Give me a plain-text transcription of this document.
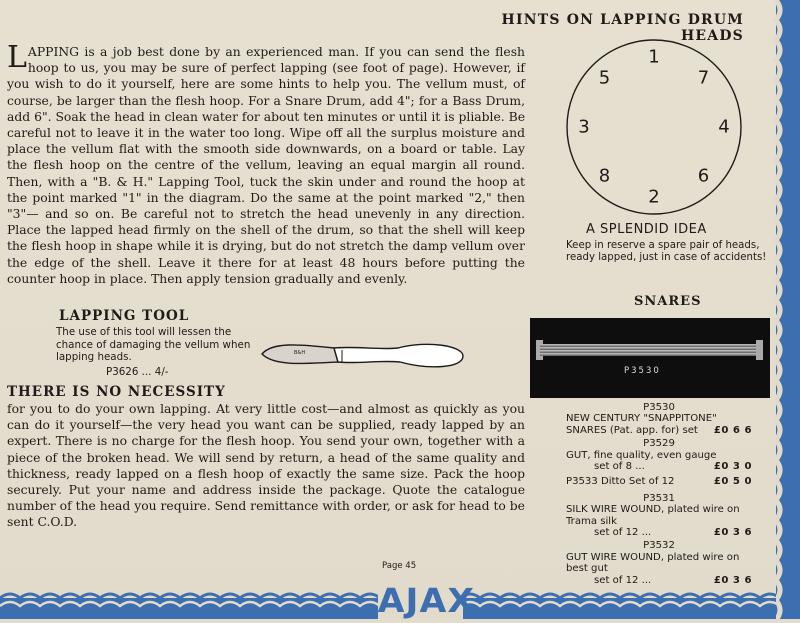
HINTS ON LAPPING DRUM HEADS
LAPPING is a job best done by an experienced man. If you can send the flesh hoop to us, you may be sure of perfect lapping (see foot of page). However, if you wish to do it yourself, here are some hints to help you. The vellum must, of course, be larger than the flesh hoop. For a Snare Drum, add 4"; for a Bass Drum, add 6". Soak the head in clean water for about ten minutes or until it is pliable. Be careful not to leave it in the water too long. Wipe off all the surplus moisture and place the vellum flat with the smooth side downwards, on a board or table. Lay the flesh hoop on the centre of the vellum, leaving an equal margin all round. Then, with a "B. & H." Lapping Tool, tuck the skin under and round the hoop at the point marked "1" in the diagram. Do the same at the point marked "2," then "3"— and so on. Be careful not to stretch the head unevenly in any direction. Place the lapped head firmly on the shell of the drum, so that the shell will keep the flesh hoop in shape while it is drying, but do not stretch the damp vellum over the edge of the shell. Leave it there for at least 48 hours before putting the counter hoop in place. Then apply tension gradually and evenly.
1
2
3	4
5
6
7
8
A SPLENDID IDEA
Keep in reserve a spare pair of heads, ready lapped, just in case of accidents!
SNARES
P3530
LAPPING TOOL
The use of this tool will lessen the chance of damaging the vellum when lapping heads.
P3626 ... 4/-
B&H
THERE IS NO NECESSITY
for you to do your own lapping. At very little cost—and almost as quickly as you can do it yourself—the very head you want can be supplied, ready lapped by an expert. There is no charge for the flesh hoop. You send your own, together with a piece of the broken head. We will send by return, a head of the same quality and thickness, ready lapped on a flesh hoop of exactly the same size. Pack the hoop securely. Put your name and address inside the package. Quote the catalogue number of the head you require. Send remittance with order, or ask for head to be sent C.O.D.
P3530
NEW CENTURY "SNAPPITONE"
SNARES (Pat. app. for) set £0 6 6
P3529
GUT, fine quality, even gauge
set of 8 ...	£0 3 0
P3533 Ditto Set of 12	£0 5 0
P3531
SILK WIRE WOUND, plated wire on Trama silk
set of 12 ...	£0 3 6
P3532
GUT WIRE WOUND, plated wire on best gut
set of 12 ...	£0 3 6
Page 45
AJAX
